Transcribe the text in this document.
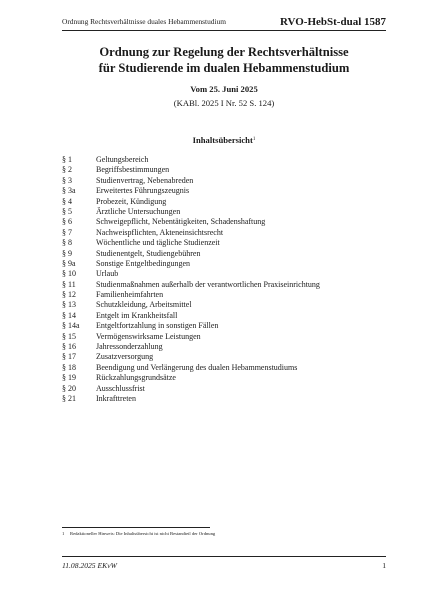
Ordnung Rechtsverhältnisse duales Hebammenstudium	RVO-HebSt-dual 1587
Ordnung zur Regelung der Rechtsverhältnisse
für Studierende im dualen Hebammenstudium
Vom 25. Juni 2025
(KABl. 2025 I Nr. 52 S. 124)
Inhaltsübersicht$^1$
§ 1	Geltungsbereich
§ 2	Begriffsbestimmungen
§ 3	Studienvertrag, Nebenabreden
§ 3a	Erweitertes Führungszeugnis
§ 4	Probezeit, Kündigung
§ 5	Ärztliche Untersuchungen
§ 6	Schweigepflicht, Nebentätigkeiten, Schadenshaftung
§ 7	Nachweispflichten, Akteneinsichtsrecht
§ 8	Wöchentliche und tägliche Studienzeit
§ 9	Studienentgelt, Studiengebühren
§ 9a	Sonstige Entgeltbedingungen
§ 10	Urlaub
§ 11	Studienmaßnahmen außerhalb der verantwortlichen Praxiseinrichtung
§ 12	Familienheimfahrten
§ 13	Schutzkleidung, Arbeitsmittel
§ 14	Entgelt im Krankheitsfall
§ 14a Entgeltfortzahlung in sonstigen Fällen
§ 15	Vermögenswirksame Leistungen
§ 16	Jahressonderzahlung
§ 17	Zusatzversorgung
§ 18	Beendigung und Verlängerung des dualen Hebammenstudiums
§ 19	Rückzahlungsgrundsätze
§ 20	Ausschlussfrist
§ 21	Inkrafttreten
1 Redaktioneller Hinweis: Die Inhaltsübersicht ist nicht Bestandteil der Ordnung
11.08.2025 EKvW	1
